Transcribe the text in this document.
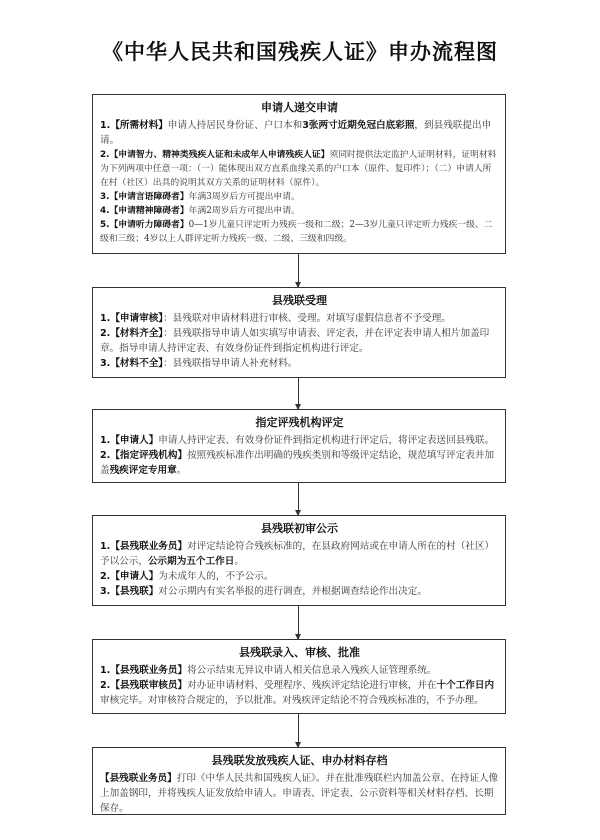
《中华人民共和国残疾人证》申办流程图
申请人递交申请

1.【所需材料】申请人持居民身份证、户口本和3张两寸近期免冠白底彩照，到县残联提出申请。

2.【申请智力、精神类残疾人证和未成年人申请残疾人证】须同时提供法定监护人证明材料，证明材料为下列两项中任意一项：（一）能体现出双方直系血缘关系的户口本（原件、复印件）；（二）申请人所在村（社区）出具的说明其双方关系的证明材料（原件）。

3.【申请言语障碍者】年满3周岁后方可提出申请。

4.【申请精神障碍者】年满2周岁后方可提出申请。

5.【申请听力障碍者】0—1岁儿童只评定听力残疾一级和二级；2—3岁儿童只评定听力残疾一级、二级和三级；4岁以上人群评定听力残疾一级、二级、三级和四级。

县残联受理

1.【申请审核】：县残联对申请材料进行审核、受理。对填写虚假信息者不予受理。

2.【材料齐全】：县残联指导申请人如实填写申请表、评定表，并在评定表申请人相片加盖印章。指导申请人持评定表、有效身份证件到指定机构进行评定。

3.【材料不全】：县残联指导申请人补充材料。

指定评残机构评定

1.【申请人】申请人持评定表、有效身份证件到指定机构进行评定后，将评定表送回县残联。

2.【指定评残机构】按照残疾标准作出明确的残疾类别和等级评定结论，规范填写评定表并加盖残疾评定专用章。

县残联初审公示

1.【县残联业务员】对评定结论符合残疾标准的，在县政府网站或在申请人所在的村（社区）予以公示，公示期为五个工作日。

2.【申请人】为未成年人的，不予公示。

3.【县残联】对公示期内有实名举报的进行调查，并根据调查结论作出决定。

县残联录入、审核、批准

1.【县残联业务员】将公示结束无异议申请人相关信息录入残疾人证管理系统。

2.【县残联审核员】对办证申请材料、受理程序、残疾评定结论进行审核，并在十个工作日内审核完毕。对审核符合规定的，予以批准。对残疾评定结论不符合残疾标准的，不予办理。

县残联发放残疾人证、申办材料存档

【县残联业务员】打印《中华人民共和国残疾人证》。并在批准残联栏内加盖公章、在持证人像上加盖钢印，并将残疾人证发放给申请人。申请表、评定表、公示资料等相关材料存档、长期保存。
